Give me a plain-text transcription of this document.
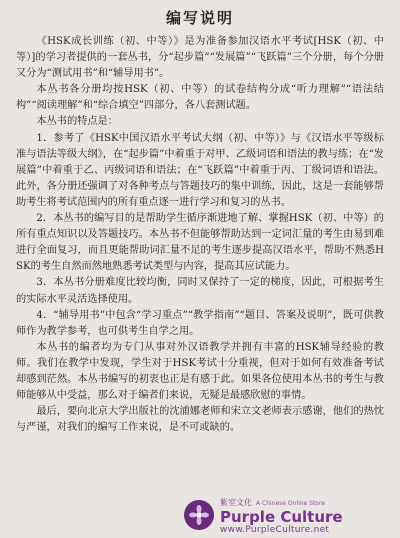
编写说明

《HSK成长训练（初、中等）》是为准备参加汉语水平考试[HSK（初、中等）]的学习者提供的一套丛书，分“起步篇”“发展篇”“飞跃篇”三个分册，每个分册又分为“测试用书”和“辅导用书”。

本丛书各分册均按HSK（初、中等）的试卷结构分成“听力理解”“语法结构”“阅读理解”和“综合填空”四部分，各八套测试题。

本丛书的特点是：

1．参考了《HSK中国汉语水平考试大纲（初、中等）》与《汉语水平等级标准与语法等级大纲》，在“起步篇”中着重于对甲、乙级词语和语法的教与练；在“发展篇”中着重于乙、丙级词语和语法；在“飞跃篇”中着重于丙、丁级词语和语法。此外，各分册还强调了对各种考点与答题技巧的集中训练，因此，这是一套能够帮助考生将考试范围内的所有重点逐一进行学习和复习的丛书。

2．本丛书的编写目的是帮助学生循序渐进地了解、掌握HSK（初、中等）的所有重点知识以及答题技巧。本丛书不但能够帮助达到一定词汇量的考生由易到难进行全面复习，而且更能帮助词汇量不足的考生逐步提高汉语水平，帮助不熟悉HSK的考生自然而然地熟悉考试类型与内容，提高其应试能力。

3．本丛书分册难度比较均衡，同时又保持了一定的梯度，因此，可根据考生的实际水平灵活选择使用。

4．“辅导用书”中包含“学习重点”“教学指南”“题目、答案及说明”，既可供教师作为教学参考，也可供考生自学之用。

本丛书的编者均为专门从事对外汉语教学并拥有丰富的HSK辅导经验的教师。我们在教学中发现，学生对于HSK考试十分重视，但对于如何有效准备考试却感到茫然。本丛书编写的初衷也正是有感于此。如果各位使用本丛书的考生与教师能够从中受益，那么对于编者们来说，无疑是最感欣慰的事情。

最后，要向北京大学出版社的沈浦娜老师和宋立文老师表示感谢，他们的热忱与严谨，对我们的编写工作来说，是不可或缺的。

紫室文化 A Chinese Online Store
Purple Culture
www.PurpleCulture.net
